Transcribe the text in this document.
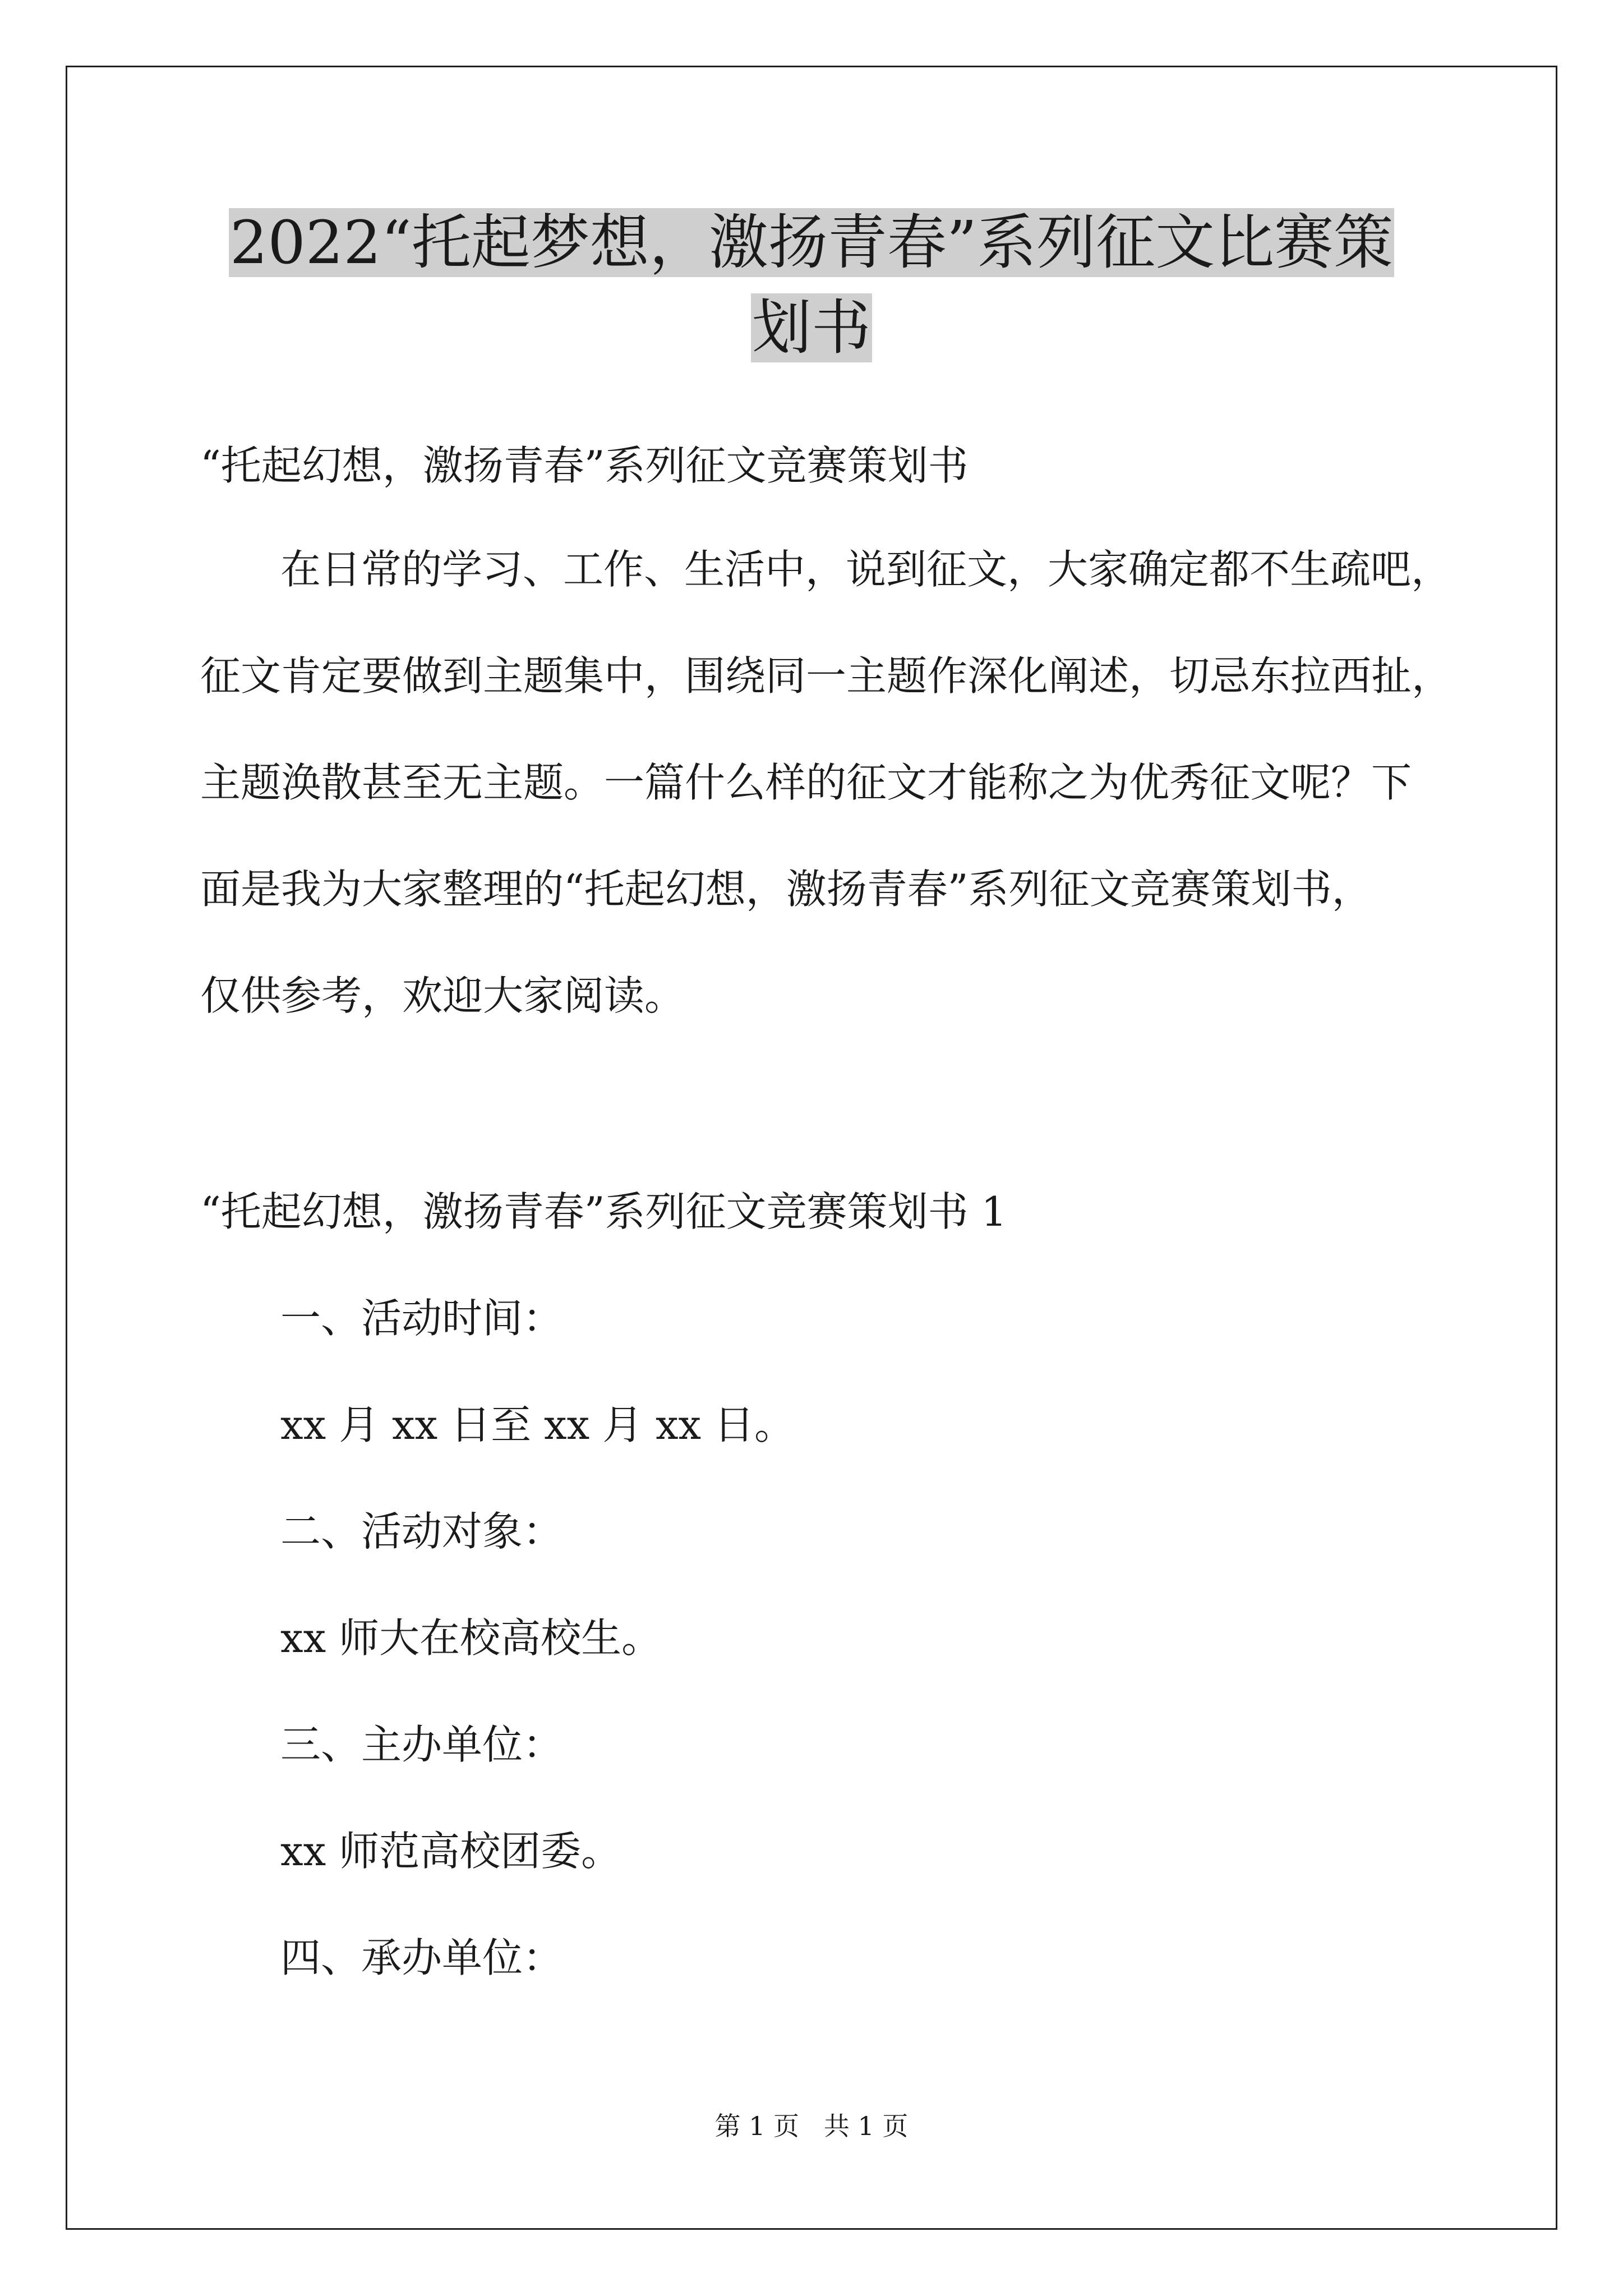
2022“托起梦想，激扬青春”系列征文比赛策
划书

“托起幻想，激扬青春”系列征文竞赛策划书

在日常的学习、工作、生活中，说到征文，大家确定都不生疏吧，

征文肯定要做到主题集中，围绕同一主题作深化阐述，切忌东拉西扯，

主题涣散甚至无主题。一篇什么样的征文才能称之为优秀征文呢？下

面是我为大家整理的“托起幻想，激扬青春”系列征文竞赛策划书，

仅供参考，欢迎大家阅读。

“托起幻想，激扬青春”系列征文竞赛策划书 1

一、活动时间：

xx 月 xx 日至 xx 月 xx 日。

二、活动对象：

xx 师大在校高校生。

三、主办单位：

xx 师范高校团委。

四、承办单位：

第 1 页   共 1 页
